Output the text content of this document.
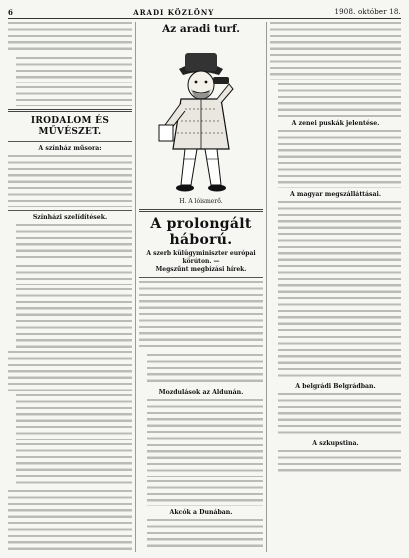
6	ARADI KÖZLÖNY	1908. október 18.
IRODALOM ÉS MŰVÉSZET.
A színház műsora:
Színházi szelídítések.
Az aradi turf.
H. A lóismerő.
A prolongált háború.
A szerb külügyminiszter európai körúton. —
Megszűnt megbízási hírek.
Mozdulások az Aldunán.
Akcók a Dunában.
A zenei puskák jelentése.
A magyar megszálláttásai.
A belgrádi Belgrádban.
A szkupstina.
